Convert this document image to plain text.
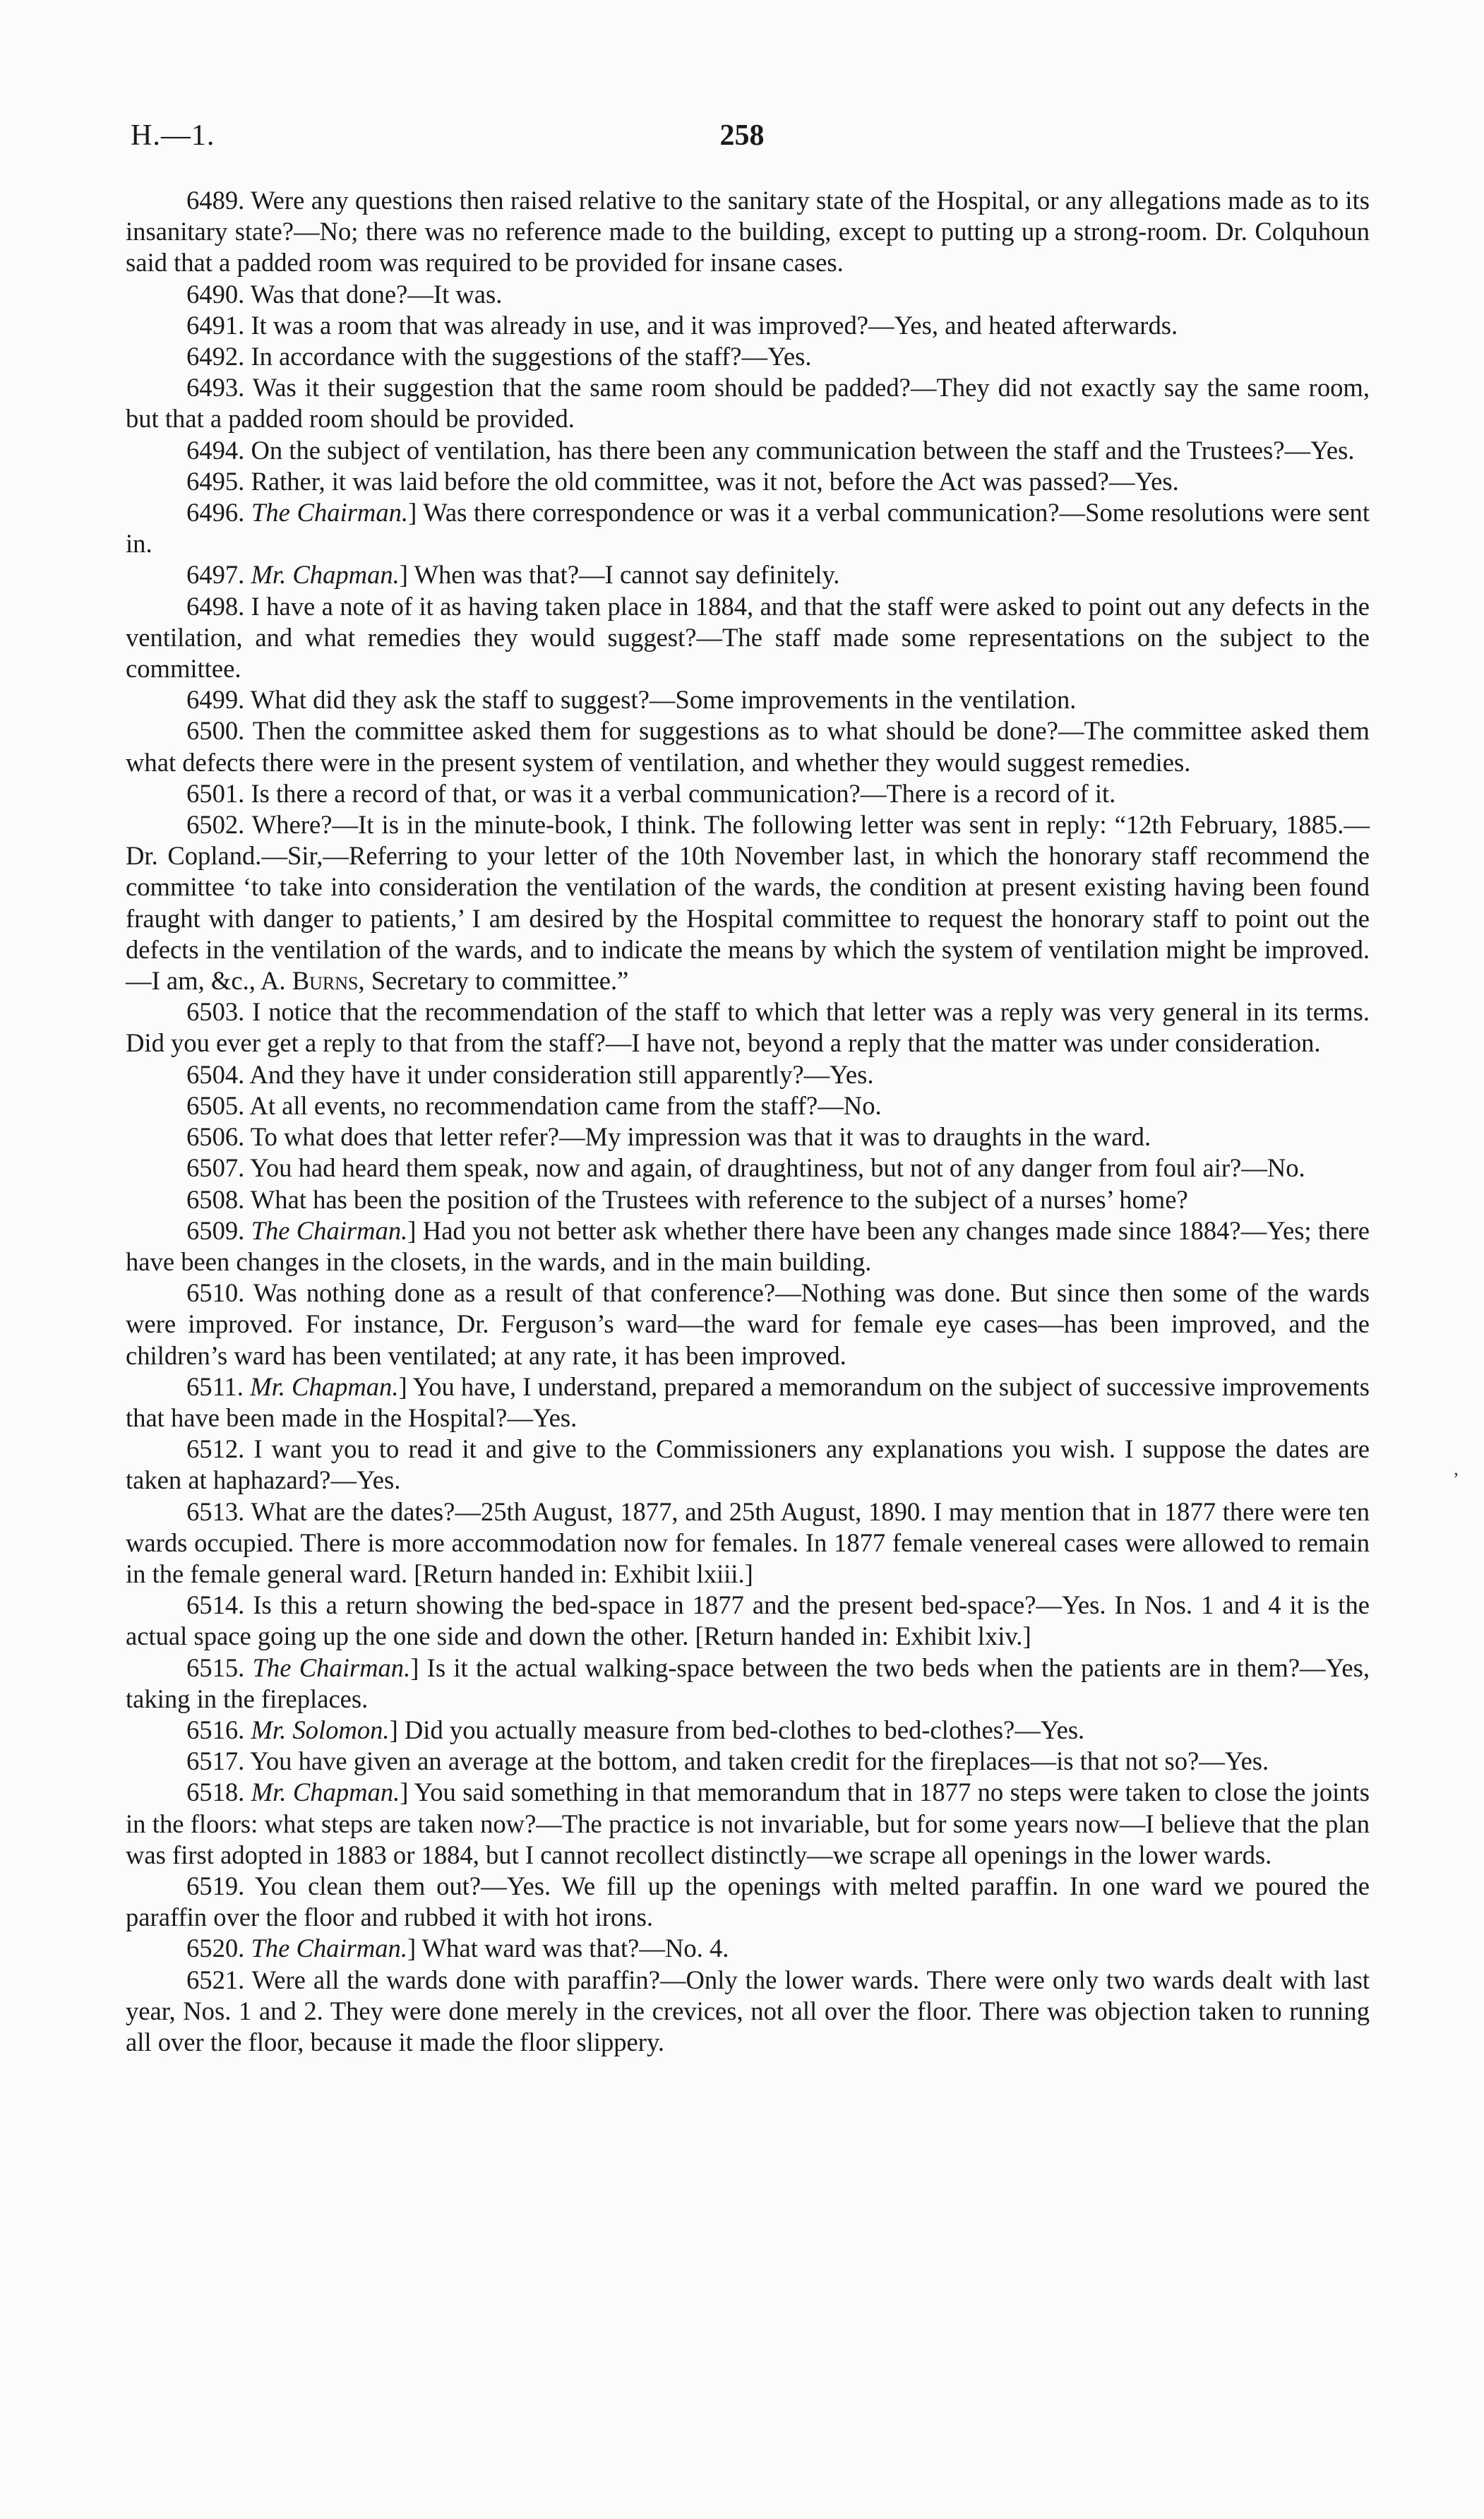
H.—1.	258

6489. Were any questions then raised relative to the sanitary state of the Hospital, or any allegations made as to its insanitary state?—No; there was no reference made to the building, except to putting up a strong-room. Dr. Colquhoun said that a padded room was required to be provided for insane cases.

6490. Was that done?—It was.

6491. It was a room that was already in use, and it was improved?—Yes, and heated afterwards.

6492. In accordance with the suggestions of the staff?—Yes.

6493. Was it their suggestion that the same room should be padded?—They did not exactly say the same room, but that a padded room should be provided.

6494. On the subject of ventilation, has there been any communication between the staff and the Trustees?—Yes.

6495. Rather, it was laid before the old committee, was it not, before the Act was passed?—Yes.

6496. The Chairman.] Was there correspondence or was it a verbal communication?—Some resolutions were sent in.

6497. Mr. Chapman.] When was that?—I cannot say definitely.

6498. I have a note of it as having taken place in 1884, and that the staff were asked to point out any defects in the ventilation, and what remedies they would suggest?—The staff made some representations on the subject to the committee.

6499. What did they ask the staff to suggest?—Some improvements in the ventilation.

6500. Then the committee asked them for suggestions as to what should be done?—The committee asked them what defects there were in the present system of ventilation, and whether they would suggest remedies.

6501. Is there a record of that, or was it a verbal communication?—There is a record of it.

6502. Where?—It is in the minute-book, I think. The following letter was sent in reply: “12th February, 1885.—Dr. Copland.—Sir,—Referring to your letter of the 10th November last, in which the honorary staff recommend the committee ‘to take into consideration the ventilation of the wards, the condition at present existing having been found fraught with danger to patients,’ I am desired by the Hospital committee to request the honorary staff to point out the defects in the ventilation of the wards, and to indicate the means by which the system of ventilation might be improved.—I am, &c., A. Burns, Secretary to committee.”

6503. I notice that the recommendation of the staff to which that letter was a reply was very general in its terms. Did you ever get a reply to that from the staff?—I have not, beyond a reply that the matter was under consideration.

6504. And they have it under consideration still apparently?—Yes.

6505. At all events, no recommendation came from the staff?—No.

6506. To what does that letter refer?—My impression was that it was to draughts in the ward.

6507. You had heard them speak, now and again, of draughtiness, but not of any danger from foul air?—No.

6508. What has been the position of the Trustees with reference to the subject of a nurses’ home?

6509. The Chairman.] Had you not better ask whether there have been any changes made since 1884?—Yes; there have been changes in the closets, in the wards, and in the main building.

6510. Was nothing done as a result of that conference?—Nothing was done. But since then some of the wards were improved. For instance, Dr. Ferguson’s ward—the ward for female eye cases—has been improved, and the children’s ward has been ventilated; at any rate, it has been improved.

6511. Mr. Chapman.] You have, I understand, prepared a memorandum on the subject of successive improvements that have been made in the Hospital?—Yes.

6512. I want you to read it and give to the Commissioners any explanations you wish. I suppose the dates are taken at haphazard?—Yes.

6513. What are the dates?—25th August, 1877, and 25th August, 1890. I may mention that in 1877 there were ten wards occupied. There is more accommodation now for females. In 1877 female venereal cases were allowed to remain in the female general ward. [Return handed in: Exhibit lxiii.]

6514. Is this a return showing the bed-space in 1877 and the present bed-space?—Yes. In Nos. 1 and 4 it is the actual space going up the one side and down the other. [Return handed in: Exhibit lxiv.]

6515. The Chairman.] Is it the actual walking-space between the two beds when the patients are in them?—Yes, taking in the fireplaces.

6516. Mr. Solomon.] Did you actually measure from bed-clothes to bed-clothes?—Yes.

6517. You have given an average at the bottom, and taken credit for the fireplaces—is that not so?—Yes.

6518. Mr. Chapman.] You said something in that memorandum that in 1877 no steps were taken to close the joints in the floors: what steps are taken now?—The practice is not invariable, but for some years now—I believe that the plan was first adopted in 1883 or 1884, but I cannot recollect distinctly—we scrape all openings in the lower wards.

6519. You clean them out?—Yes. We fill up the openings with melted paraffin. In one ward we poured the paraffin over the floor and rubbed it with hot irons.

6520. The Chairman.] What ward was that?—No. 4.

6521. Were all the wards done with paraffin?—Only the lower wards. There were only two wards dealt with last year, Nos. 1 and 2. They were done merely in the crevices, not all over the floor. There was objection taken to running all over the floor, because it made the floor slippery.

ʼ
